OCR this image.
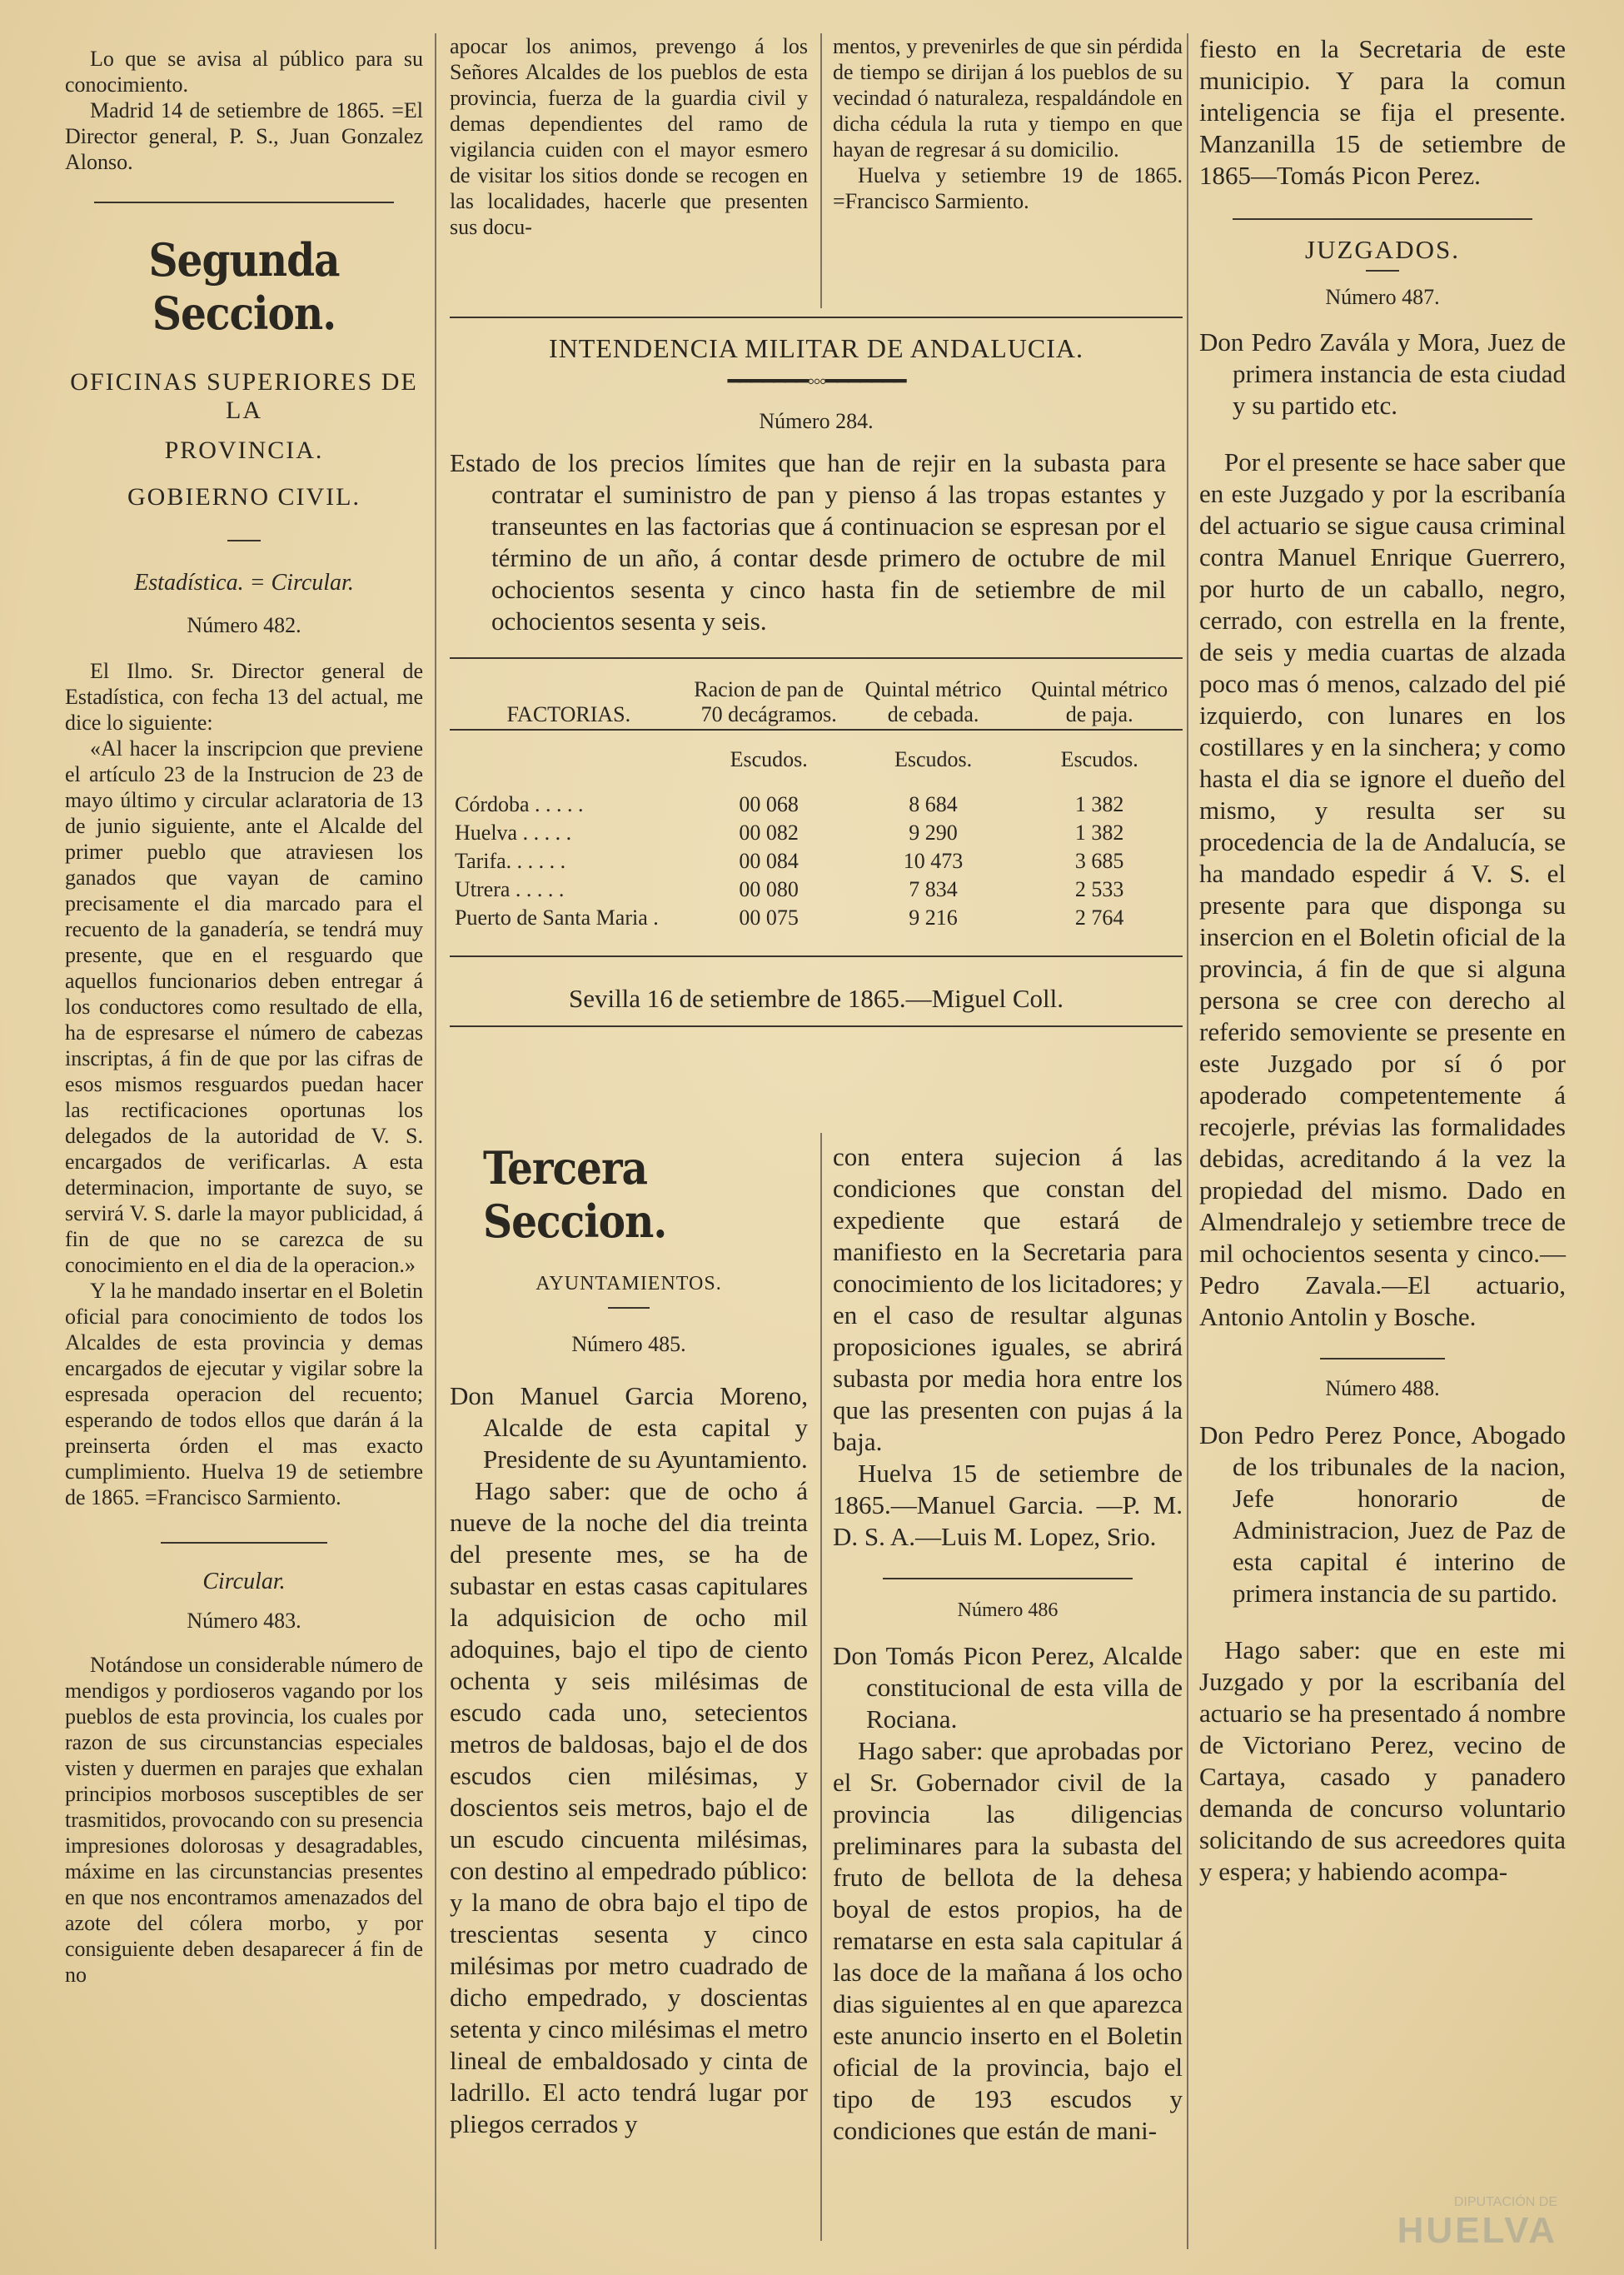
Lo que se avisa al público para su conocimiento.

Madrid 14 de setiembre de 1865. =El Director general, P. S., Juan Gonzalez Alonso.

Segunda Seccion.
OFICINAS SUPERIORES DE LA
PROVINCIA.
GOBIERNO CIVIL.
Estadística. = Circular.
Número 482.

El Ilmo. Sr. Director general de Estadística, con fecha 13 del actual, me dice lo siguiente:

«Al hacer la inscripcion que previene el artículo 23 de la Instrucion de 23 de mayo último y circular aclaratoria de 13 de junio siguiente, ante el Alcalde del primer pueblo que atraviesen los ganados que vayan de camino precisamente el dia marcado para el recuento de la ganadería, se tendrá muy presente, que en el resguardo que aquellos funcionarios deben entregar á los conductores como resultado de ella, ha de espresarse el número de cabezas inscriptas, á fin de que por las cifras de esos mismos resguardos puedan hacer las rectificaciones oportunas los delegados de la autoridad de V. S. encargados de verificarlas. A esta determinacion, importante de suyo, se servirá V. S. darle la mayor publicidad, á fin de que no se carezca de su conocimiento en el dia de la operacion.»

Y la he mandado insertar en el Boletin oficial para conocimiento de todos los Alcaldes de esta provincia y demas encargados de ejecutar y vigilar sobre la espresada operacion del recuento; esperando de todos ellos que darán á la preinserta órden el mas exacto cumplimiento. Huelva 19 de setiembre de 1865. =Francisco Sarmiento.

Circular.
Número 483.

Notándose un considerable número de mendigos y pordioseros vagando por los pueblos de esta provincia, los cuales por razon de sus circunstancias especiales visten y duermen en parajes que exhalan principios morbosos susceptibles de ser trasmitidos, provocando con su presencia impresiones dolorosas y desagradables, máxime en las circunstancias presentes en que nos encontramos amenazados del azote del cólera morbo, y por consiguiente deben desaparecer á fin de no

apocar los animos, prevengo á los Señores Alcaldes de los pueblos de esta provincia, fuerza de la guardia civil y demas dependientes del ramo de vigilancia cuiden con el mayor esmero de visitar los sitios donde se recogen en las localidades, hacerle que presenten sus docu-

mentos, y prevenirles de que sin pérdida de tiempo se dirijan á los pueblos de su vecindad ó naturaleza, respaldándole en dicha cédula la ruta y tiempo en que hayan de regresar á su domicilio.

Huelva y setiembre 19 de 1865. =Francisco Sarmiento.

INTENDENCIA MILITAR DE ANDALUCIA.
━━━━━━━◦◦◦━━━━━━━
Número 284.

Estado de los precios límites que han de rejir en la subasta para contratar el suministro de pan y pienso á las tropas estantes y transeuntes en las factorias que á continuacion se espresan por el término de un año, á contar desde primero de octubre de mil ochocientos sesenta y cinco hasta fin de setiembre de mil ochocientos sesenta y seis.

FACTORIAS.	Racion de pan de 70 decágramos.	Quintal métrico de cebada.	Quintal métrico de paja.
	Escudos.	Escudos.	Escudos.

Córdoba . . . . .	00 068	8 684	1 382
Huelva . . . . .	00 082	9 290	1 382
Tarifa. . . . . .	00 084	10 473	3 685
Utrera . . . . .	00 080	7 834	2 533
Puerto de Santa Maria .	00 075	9 216	2 764
Sevilla 16 de setiembre de 1865.—Miguel Coll.
Tercera Seccion.
AYUNTAMIENTOS.
Número 485.

Don Manuel Garcia Moreno, Alcalde de esta capital y Presidente de su Ayuntamiento.

Hago saber: que de ocho á nueve de la noche del dia treinta del presente mes, se ha de subastar en estas casas capitulares la adquisicion de ocho mil adoquines, bajo el tipo de ciento ochenta y seis milésimas de escudo cada uno, setecientos metros de baldosas, bajo el de dos escudos cien milésimas, y doscientos seis metros, bajo el de un escudo cincuenta milésimas, con destino al empedrado público: y la mano de obra bajo el tipo de trescientas sesenta y cinco milésimas por metro cuadrado de dicho empedrado, y doscientas setenta y cinco milésimas el metro lineal de embaldosado y cinta de ladrillo. El acto tendrá lugar por pliegos cerrados y

con entera sujecion á las condiciones que constan del expediente que estará de manifiesto en la Secretaria para conocimiento de los licitadores; y en el caso de resultar algunas proposiciones iguales, se abrirá subasta por media hora entre los que las presenten con pujas á la baja.

Huelva 15 de setiembre de 1865.—Manuel Garcia. —P. M. D. S. A.—Luis M. Lopez, Srio.

Número 486

Don Tomás Picon Perez, Alcalde constitucional de esta villa de Rociana.

Hago saber: que aprobadas por el Sr. Gobernador civil de la provincia las diligencias preliminares para la subasta del fruto de bellota de la dehesa boyal de estos propios, ha de rematarse en esta sala capitular á las doce de la mañana á los ocho dias siguientes al en que aparezca este anuncio inserto en el Boletin oficial de la provincia, bajo el tipo de 193 escudos y condiciones que están de mani-

fiesto en la Secretaria de este municipio. Y para la comun inteligencia se fija el presente. Manzanilla 15 de setiembre de 1865—Tomás Picon Perez.

JUZGADOS.
Número 487.

Don Pedro Zavála y Mora, Juez de primera instancia de esta ciudad y su partido etc.

Por el presente se hace saber que en este Juzgado y por la escribanía del actuario se sigue causa criminal contra Manuel Enrique Guerrero, por hurto de un caballo, negro, cerrado, con estrella en la frente, de seis y media cuartas de alzada poco mas ó menos, calzado del pié izquierdo, con lunares en los costillares y en la sinchera; y como hasta el dia se ignore el dueño del mismo, y resulta ser su procedencia de la de Andalucía, se ha mandado espedir á V. S. el presente para que disponga su insercion en el Boletin oficial de la provincia, á fin de que si alguna persona se cree con derecho al referido semoviente se presente en este Juzgado por sí ó por apoderado competentemente á recojerle, prévias las formalidades debidas, acreditando á la vez la propiedad del mismo. Dado en Almendralejo y setiembre trece de mil ochocientos sesenta y cinco.—Pedro Zavala.—El actuario, Antonio Antolin y Bosche.

Número 488.

Don Pedro Perez Ponce, Abogado de los tribunales de la nacion, Jefe honorario de Administracion, Juez de Paz de esta capital é interino de primera instancia de su partido.

Hago saber: que en este mi Juzgado y por la escribanía del actuario se ha presentado á nombre de Victoriano Perez, vecino de Cartaya, casado y panadero demanda de concurso voluntario solicitando de sus acreedores quita y espera; y habiendo acompa-

DIPUTACIÓN DE
HUELVA
